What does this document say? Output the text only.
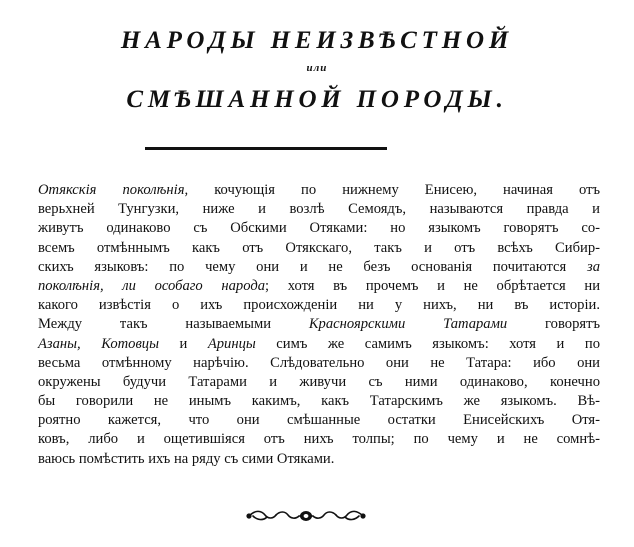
НАРОДЫ НЕИЗВѢСТНОЙ
или
СМѢШАННОЙ ПОРОДЫ.
Отякскія поколѣнія, кочующія по нижнему Енисею, начиная отъ
верьхней Тунгузки, ниже и возлѣ Семоядъ, называются правда и
живутъ одинаково съ Обскими Отяками: но языкомъ говорятъ со-
всемъ отмѣннымъ какъ отъ Отякскаго, такъ и отъ всѣхъ Сибир-
скихъ языковъ: по чему они и не безъ основанія почитаются за
поколѣнія, ли особаго народа; хотя въ прочемъ и не обрѣтается ни
какого извѣстія о ихъ происхожденіи ни у нихъ, ни въ исторіи.
Между такъ называемыми Красноярскими Татарами говорятъ
Азаны, Котовцы и Аринцы симъ же самимъ языкомъ: хотя и по
весьма отмѣнному нарѣчію. Слѣдовательно они не Татара: ибо они
окружены будучи Татарами и живучи съ ними одинаково, конечно
бы говорили не инымъ какимъ, какъ Татарскимъ же языкомъ. Вѣ-
роятно кажется, что они смѣшанные остатки Енисейскихъ Отя-
ковъ, либо и ощетившіяся отъ нихъ толпы; по чему и не сомнѣ-
ваюсь помѣстить ихъ на ряду съ сими Отяками.
